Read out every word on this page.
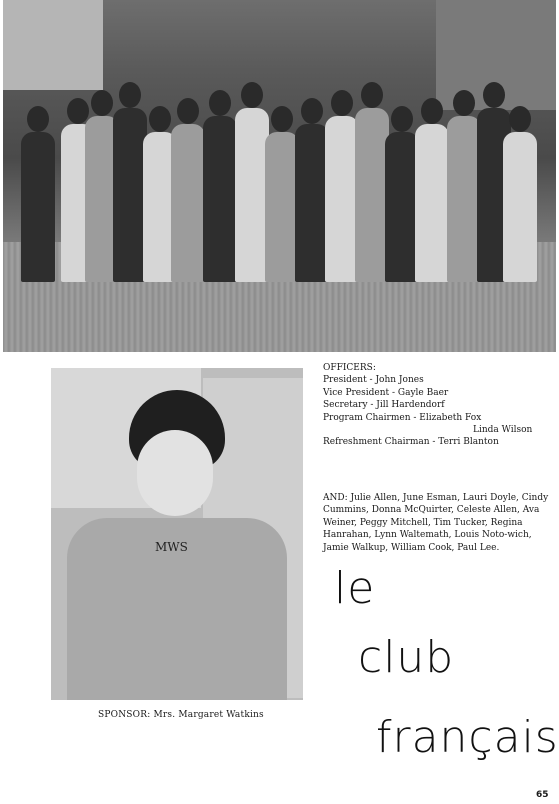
MWS
OFFICERS:
President - John Jones
Vice President - Gayle Baer
Secretary - Jill Hardendorf
Program Chairmen - Elizabeth Fox
Linda Wilson
Refreshment Chairman - Terri Blanton
AND: Julie Allen, June Esman, Lauri Doyle, Cindy Cummins, Donna McQuirter, Celeste Allen, Ava Weiner, Peggy Mitchell, Tim Tucker, Regina Hanrahan, Lynn Waltemath, Louis Noto-wich, Jamie Walkup, William Cook, Paul Lee.
SPONSOR: Mrs. Margaret Watkins
le
club
français
65
